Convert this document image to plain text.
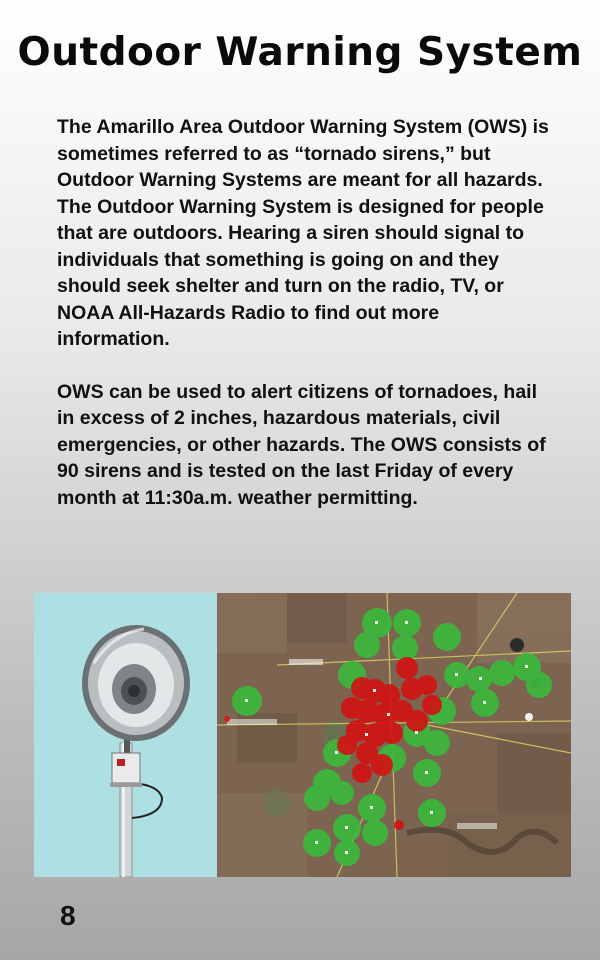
Outdoor Warning System

The Amarillo Area Outdoor Warning System (OWS) is sometimes referred to as “tornado sirens,” but Outdoor Warning Systems are meant for all hazards. The Outdoor Warning System is designed for people that are outdoors. Hearing a siren should signal to individuals that something is going on and they should seek shelter and turn on the radio, TV, or NOAA All-Hazards Radio to find out more information.

OWS can be used to alert citizens of tornadoes, hail in excess of 2 inches, hazardous materials, civil emergencies, or other hazards. The OWS consists of 90 sirens and is tested on the last Friday of every month at 11:30a.m. weather permitting.

8
